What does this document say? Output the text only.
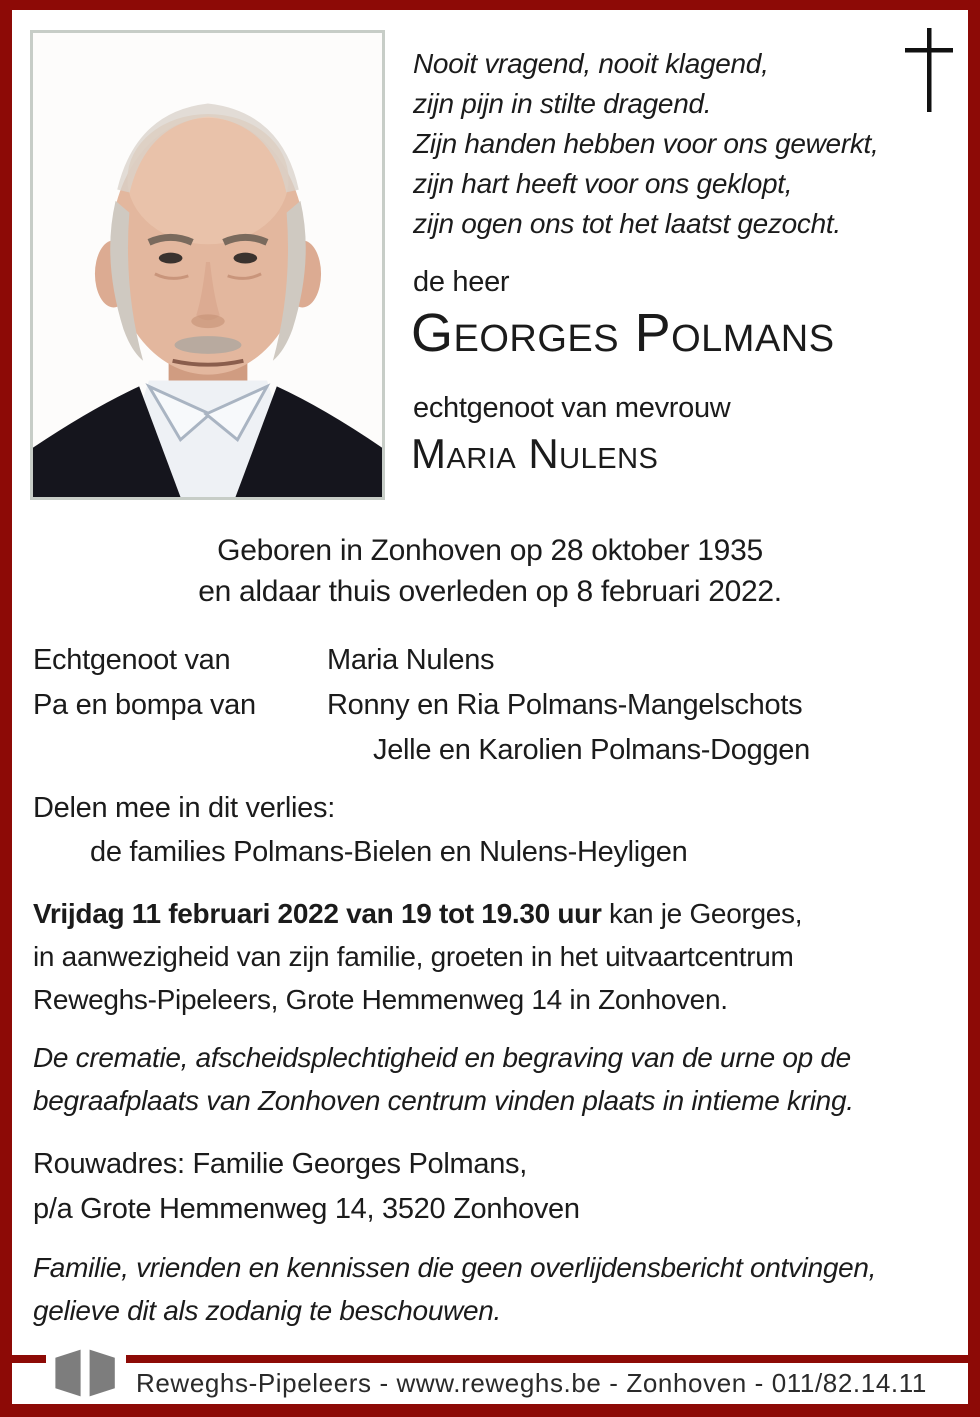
Nooit vragend, nooit klagend,
zijn pijn in stilte dragend.
Zijn handen hebben voor ons gewerkt,
zijn hart heeft voor ons geklopt,
zijn ogen ons tot het laatst gezocht.
de heer
Georges Polmans
echtgenoot van mevrouw
Maria Nulens
Geboren in Zonhoven op 28 oktober 1935
en aldaar thuis overleden op 8 februari 2022.
Echtgenoot van	Maria Nulens
Pa en bompa van	Ronny en Ria Polmans-Mangelschots
Jelle en Karolien Polmans-Doggen
Delen mee in dit verlies:
de families Polmans-Bielen en Nulens-Heyligen
Vrijdag 11 februari 2022 van 19 tot 19.30 uur kan je Georges,
in aanwezigheid van zijn familie, groeten in het uitvaartcentrum
Reweghs-Pipeleers, Grote Hemmenweg 14 in Zonhoven.
De crematie, afscheidsplechtigheid en begraving van de urne op de
begraafplaats van Zonhoven centrum vinden plaats in intieme kring.
Rouwadres: Familie Georges Polmans,
p/a Grote Hemmenweg 14, 3520 Zonhoven
Familie, vrienden en kennissen die geen overlijdensbericht ontvingen,
gelieve dit als zodanig te beschouwen.
Reweghs-Pipeleers - www.reweghs.be - Zonhoven - 011/82.14.11
